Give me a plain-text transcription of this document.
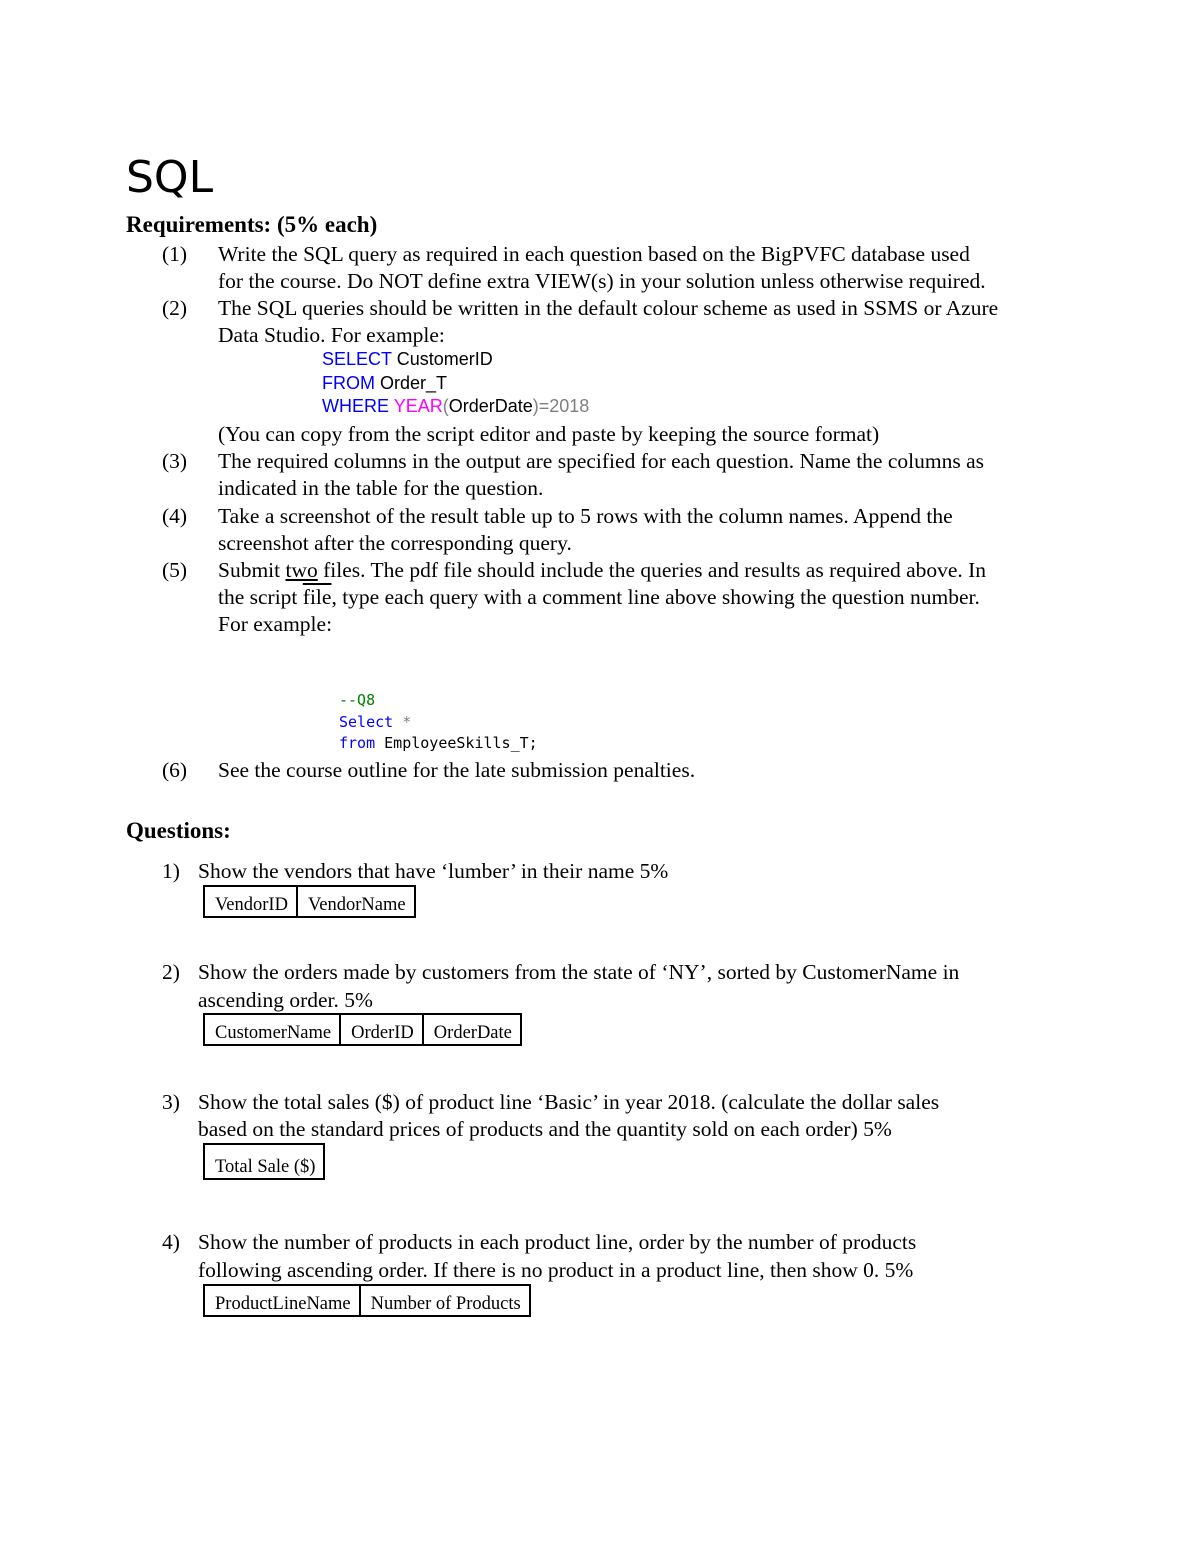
SQL
Requirements: (5% each)
(1) Write the SQL query as required in each question based on the BigPVFC database used
for the course. Do NOT define extra VIEW(s) in your solution unless otherwise required.
(2) The SQL queries should be written in the default colour scheme as used in SSMS or Azure
Data Studio. For example:
SELECT CustomerID
FROM Order_T
WHERE YEAR(OrderDate)=2018
(You can copy from the script editor and paste by keeping the source format)
(3) The required columns in the output are specified for each question. Name the columns as
indicated in the table for the question.
(4) Take a screenshot of the result table up to 5 rows with the column names. Append the
screenshot after the corresponding query.
(5) Submit two files. The pdf file should include the queries and results as required above. In
the script file, type each query with a comment line above showing the question number.
For example:
--Q8
Select *
from EmployeeSkills_T;
(6) See the course outline for the late submission penalties.
Questions:
1) Show the vendors that have ‘lumber’ in their name 5%
VendorID	VendorName
2) Show the orders made by customers from the state of ‘NY’, sorted by CustomerName in
ascending order. 5%
CustomerName	OrderID	OrderDate
3) Show the total sales ($) of product line ‘Basic’ in year 2018. (calculate the dollar sales
based on the standard prices of products and the quantity sold on each order) 5%
Total Sale ($)
4) Show the number of products in each product line, order by the number of products
following ascending order. If there is no product in a product line, then show 0. 5%
ProductLineName	Number of Products
